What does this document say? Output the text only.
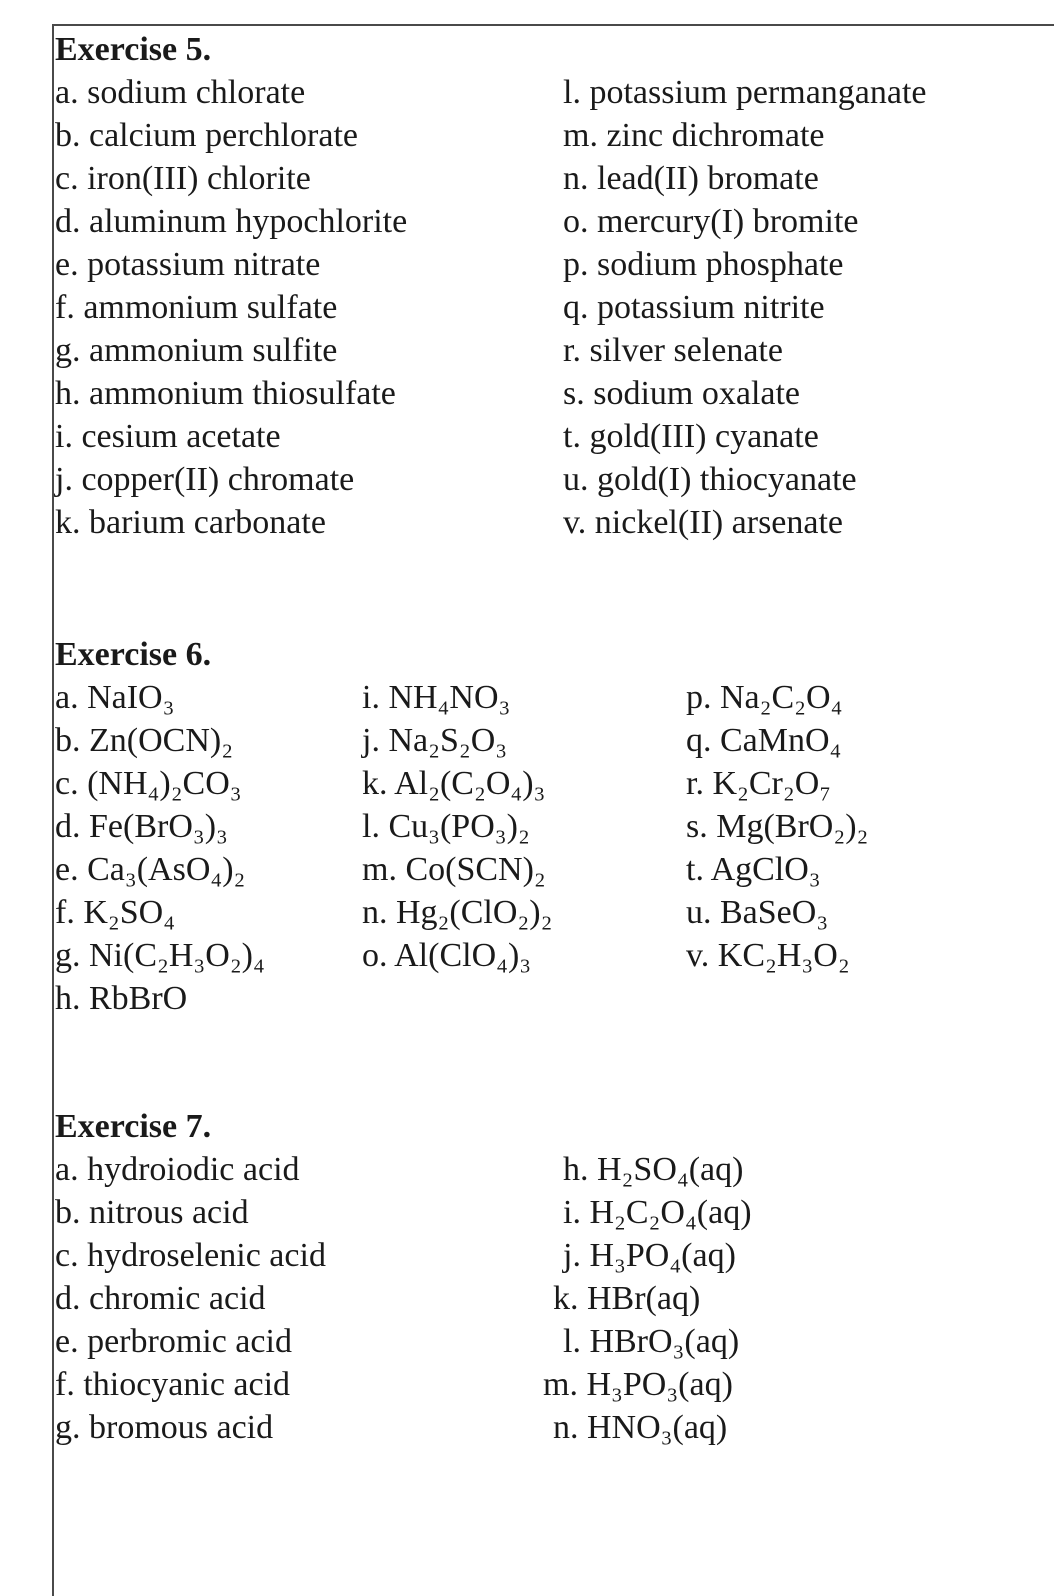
Exercise 5.
a. sodium chlorate
b. calcium perchlorate
c. iron(III) chlorite
d. aluminum hypochlorite
e. potassium nitrate
f. ammonium sulfate
g. ammonium sulfite
h. ammonium thiosulfate
i. cesium acetate
j. copper(II) chromate
k. barium carbonate
l. potassium permanganate
m. zinc dichromate
n. lead(II) bromate
o. mercury(I) bromite
p. sodium phosphate
q. potassium nitrite
r. silver selenate
s. sodium oxalate
t. gold(III) cyanate
u. gold(I) thiocyanate
v. nickel(II) arsenate
Exercise 6.
a. NaIO₃
b. Zn(OCN)₂
c. (NH₄)₂CO₃
d. Fe(BrO₃)₃
e. Ca₃(AsO₄)₂
f. K₂SO₄
g. Ni(C₂H₃O₂)₄
h. RbBrO
i. NH₄NO₃
j. Na₂S₂O₃
k. Al₂(C₂O₄)₃
l. Cu₃(PO₃)₂
m. Co(SCN)₂
n. Hg₂(ClO₂)₂
o. Al(ClO₄)₃
p. Na₂C₂O₄
q. CaMnO₄
r. K₂Cr₂O₇
s. Mg(BrO₂)₂
t. AgClO₃
u. BaSeO₃
v. KC₂H₃O₂
Exercise 7.
a. hydroiodic acid
b. nitrous acid
c. hydroselenic acid
d. chromic acid
e. perbromic acid
f. thiocyanic acid
g. bromous acid
h. H₂SO₄(aq)
i. H₂C₂O₄(aq)
j. H₃PO₄(aq)
k. HBr(aq)
l. HBrO₃(aq)
m. H₃PO₃(aq)
n. HNO₃(aq)
